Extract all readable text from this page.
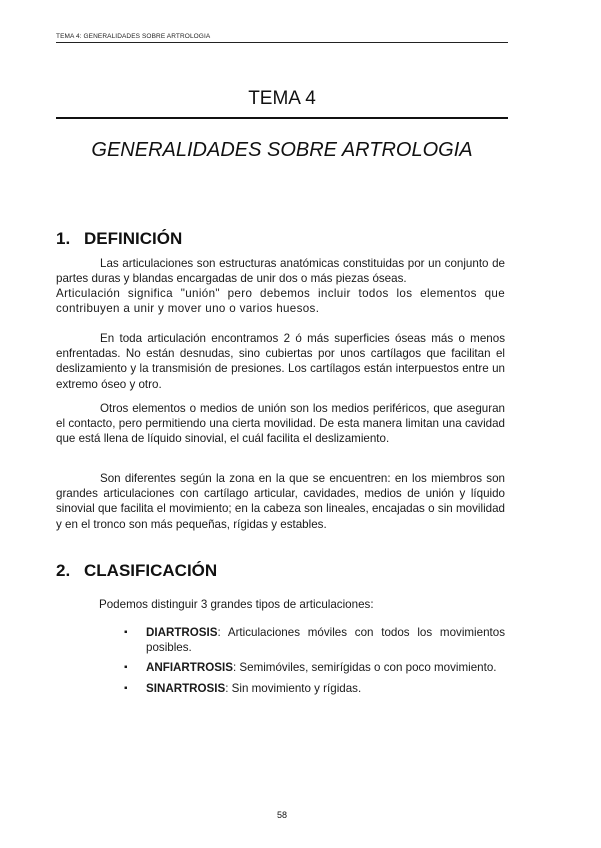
TEMA 4: GENERALIDADES SOBRE ARTROLOGIA
TEMA 4
GENERALIDADES SOBRE ARTROLOGIA
1. DEFINICIÓN

Las articulaciones son estructuras anatómicas constituidas por un conjunto de partes duras y blandas encargadas de unir dos o más piezas óseas.

Articulación significa "unión" pero debemos incluir todos los elementos que contribuyen a unir y mover uno o varios huesos.

En toda articulación encontramos 2 ó más superficies óseas más o menos enfrentadas. No están desnudas, sino cubiertas por unos cartílagos que facilitan el deslizamiento y la transmisión de presiones. Los cartílagos están interpuestos entre un extremo óseo y otro.

Otros elementos o medios de unión son los medios periféricos, que aseguran el contacto, pero permitiendo una cierta movilidad. De esta manera limitan una cavidad que está llena de líquido sinovial, el cuál facilita el deslizamiento.

Son diferentes según la zona en la que se encuentren: en los miembros son grandes articulaciones con cartílago articular, cavidades, medios de unión y líquido sinovial que facilita el movimiento; en la cabeza son lineales, encajadas o sin movilidad y en el tronco son más pequeñas, rígidas y estables.

2. CLASIFICACIÓN

Podemos distinguir 3 grandes tipos de articulaciones:

▪ DIARTROSIS: Articulaciones móviles con todos los movimientos posibles.
▪ ANFIARTROSIS: Semimóviles, semirígidas o con poco movimiento.
▪ SINARTROSIS: Sin movimiento y rígidas.
58
